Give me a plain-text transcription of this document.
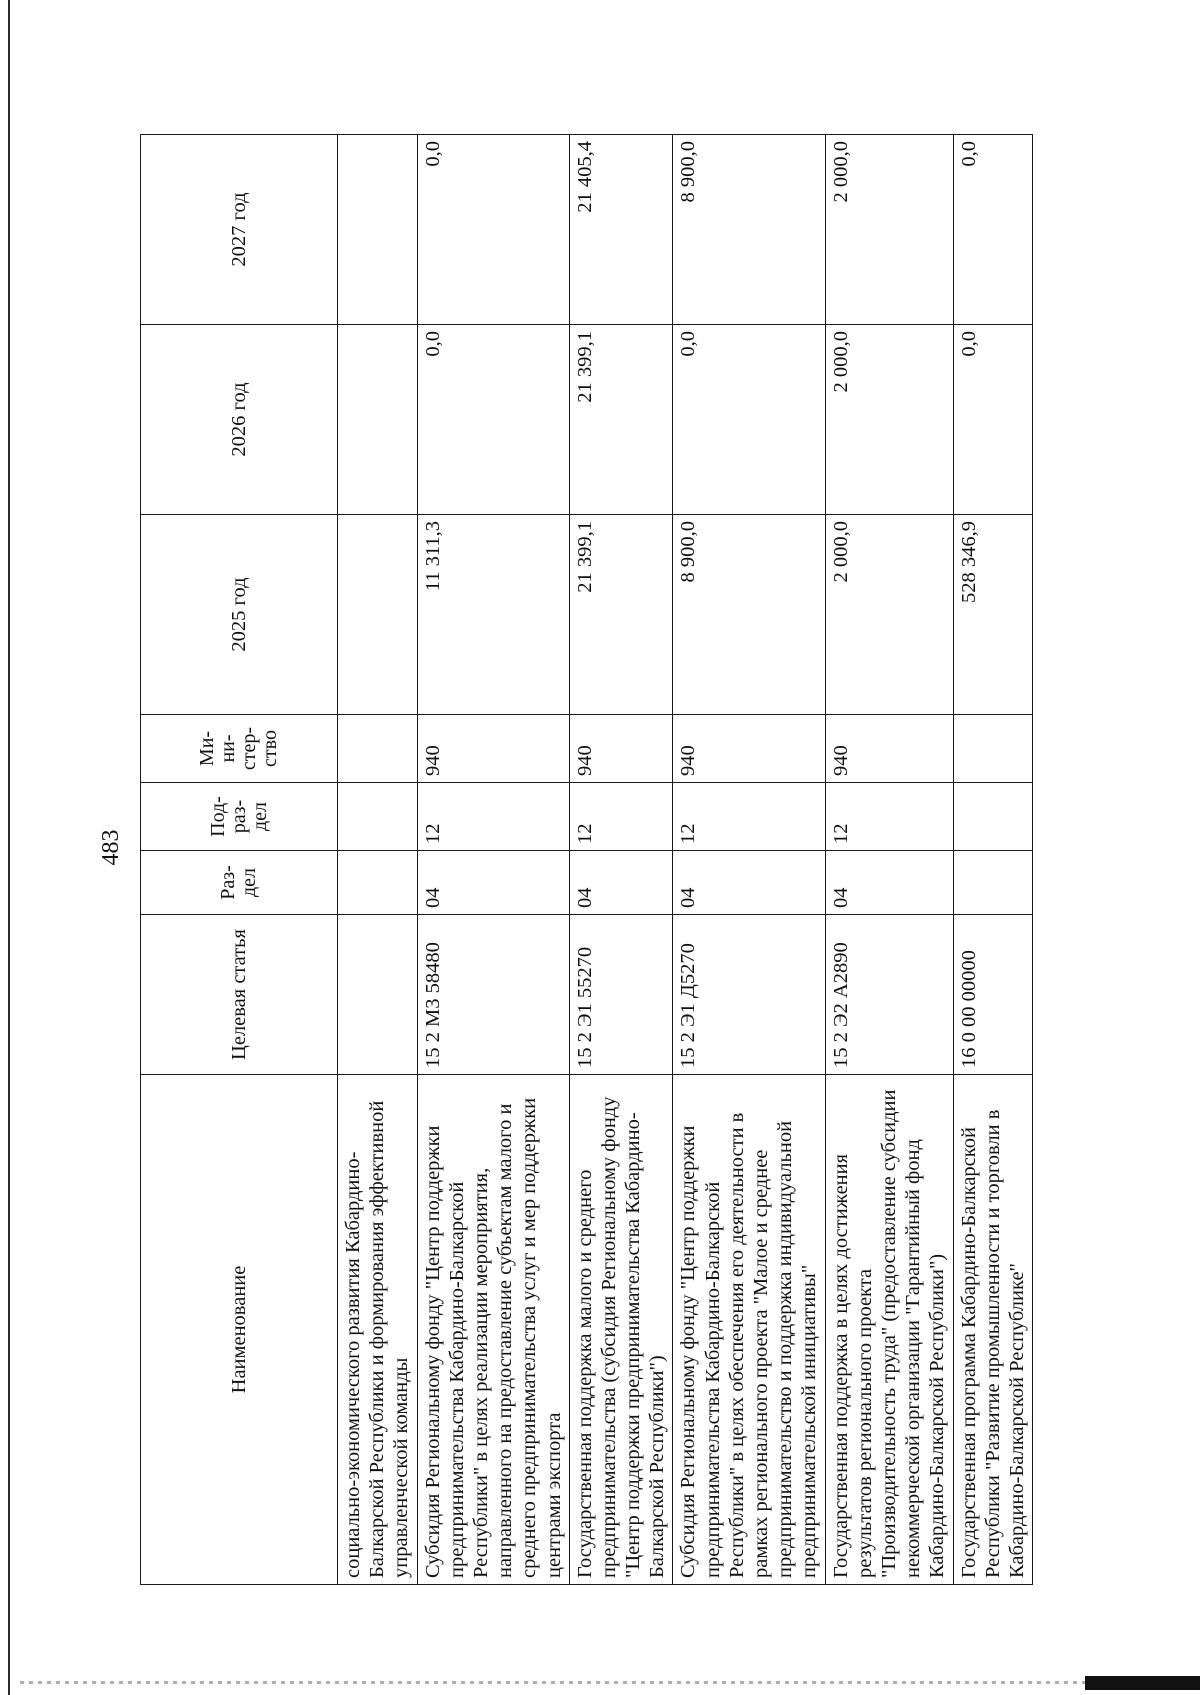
483
Наименование	Целевая статья	Раз-дел	Под-раз-дел	Ми-ни-стер-ство	2025 год	2026 год	2027 год
социально-экономического развития Кабардино-Балкарской Республики и формирования эффективной управленческой команды							
Субсидия Региональному фонду "Центр поддержки предпринимательства Кабардино-Балкарской Республики" в целях реализации мероприятия, направленного на предоставление субъектам малого и среднего предпринимательства услуг и мер поддержки центрами экспорта	15 2 М3 58480	04	12	940	11 311,3	0,0	0,0
Государственная поддержка малого и среднего предпринимательства (субсидия Региональному фонду "Центр поддержки предпринимательства Кабардино-Балкарской Республики")	15 2 Э1 55270	04	12	940	21 399,1	21 399,1	21 405,4
Субсидия Региональному фонду "Центр поддержки предпринимательства Кабардино-Балкарской Республики" в целях обеспечения его деятельности в рамках регионального проекта "Малое и среднее предпринимательство и поддержка индивидуальной предпринимательской инициативы"	15 2 Э1 Д5270	04	12	940	8 900,0	0,0	8 900,0
Государственная поддержка в целях достижения результатов регионального проекта "Производительность труда" (предоставление субсидии некоммерческой организации "Гарантийный фонд Кабардино-Балкарской Республики")	15 2 Э2 А2890	04	12	940	2 000,0	2 000,0	2 000,0
Государственная программа Кабардино-Балкарской Республики "Развитие промышленности и торговли в Кабардино-Балкарской Республике"	16 0 00 00000				528 346,9	0,0	0,0
